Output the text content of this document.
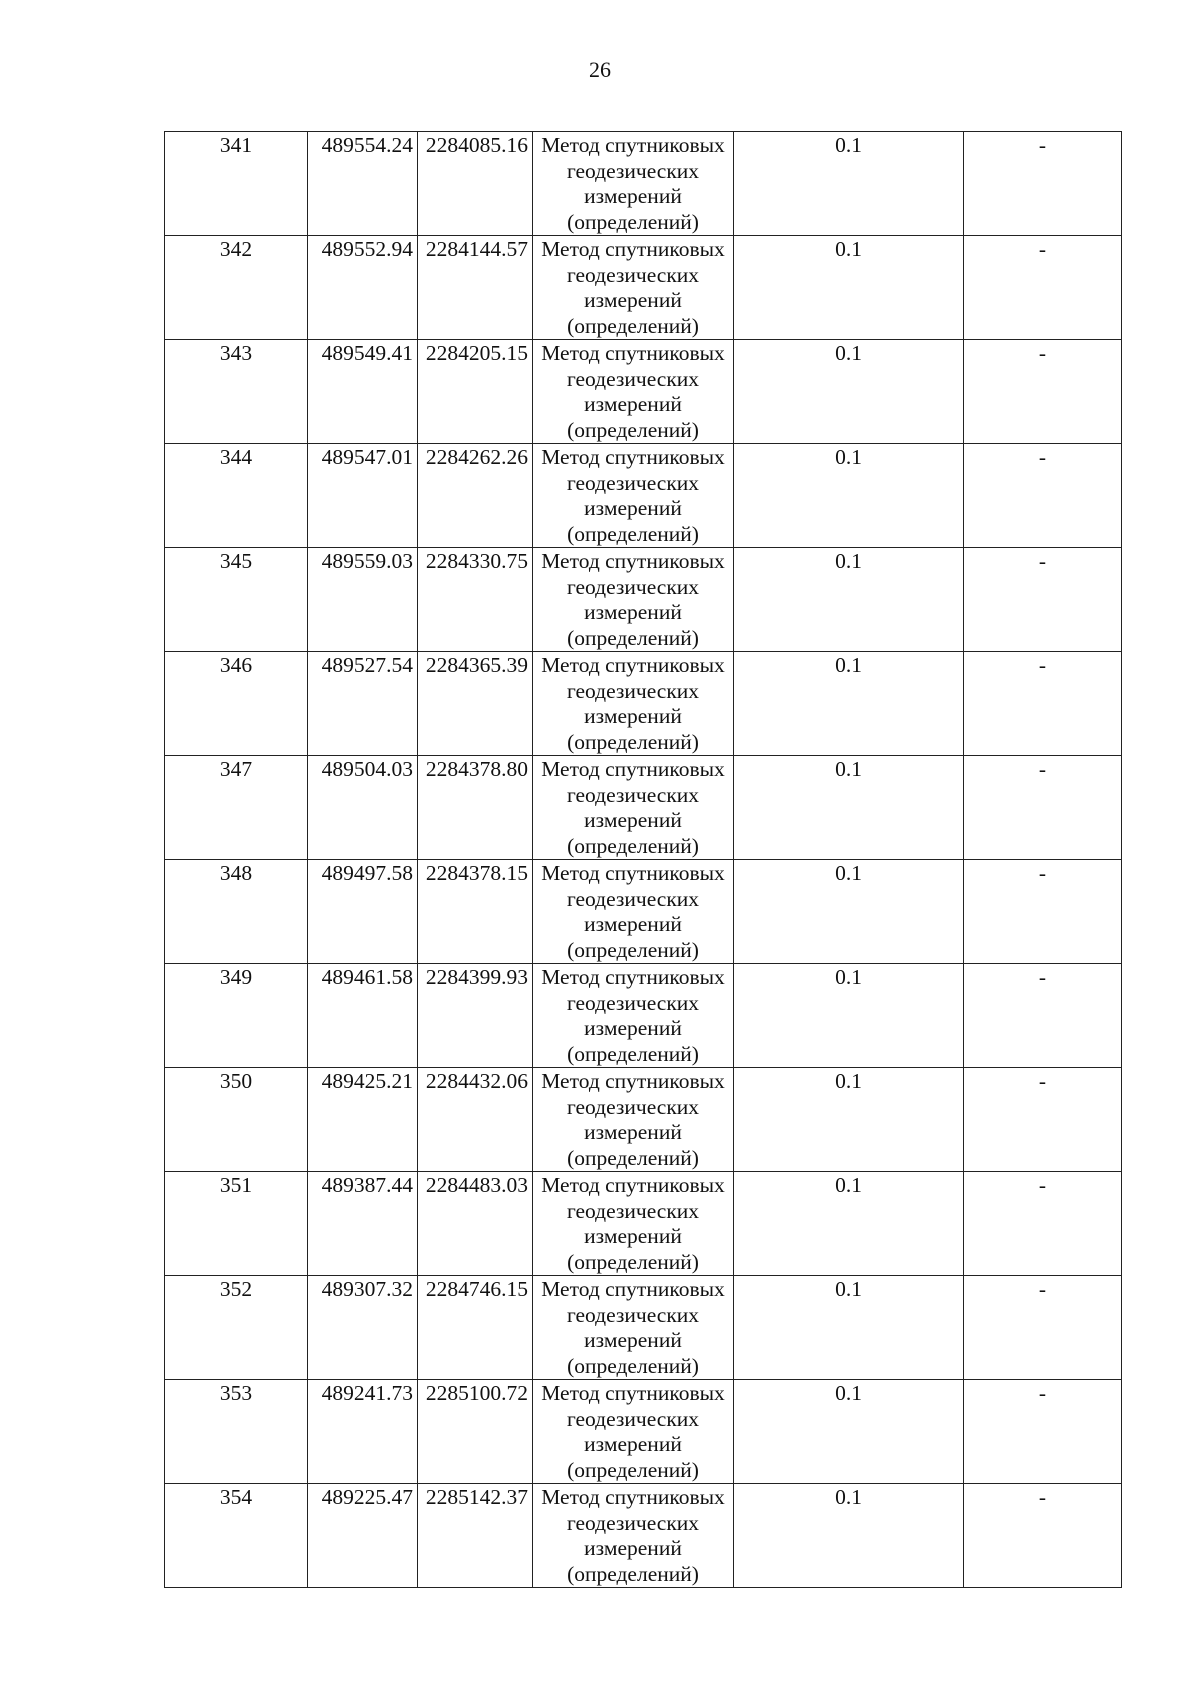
26
341	489554.24	2284085.16	Метод спутниковых геодезических измерений (определений)	0.1	-
342	489552.94	2284144.57	Метод спутниковых геодезических измерений (определений)	0.1	-
343	489549.41	2284205.15	Метод спутниковых геодезических измерений (определений)	0.1	-
344	489547.01	2284262.26	Метод спутниковых геодезических измерений (определений)	0.1	-
345	489559.03	2284330.75	Метод спутниковых геодезических измерений (определений)	0.1	-
346	489527.54	2284365.39	Метод спутниковых геодезических измерений (определений)	0.1	-
347	489504.03	2284378.80	Метод спутниковых геодезических измерений (определений)	0.1	-
348	489497.58	2284378.15	Метод спутниковых геодезических измерений (определений)	0.1	-
349	489461.58	2284399.93	Метод спутниковых геодезических измерений (определений)	0.1	-
350	489425.21	2284432.06	Метод спутниковых геодезических измерений (определений)	0.1	-
351	489387.44	2284483.03	Метод спутниковых геодезических измерений (определений)	0.1	-
352	489307.32	2284746.15	Метод спутниковых геодезических измерений (определений)	0.1	-
353	489241.73	2285100.72	Метод спутниковых геодезических измерений (определений)	0.1	-
354	489225.47	2285142.37	Метод спутниковых геодезических измерений (определений)	0.1	-
